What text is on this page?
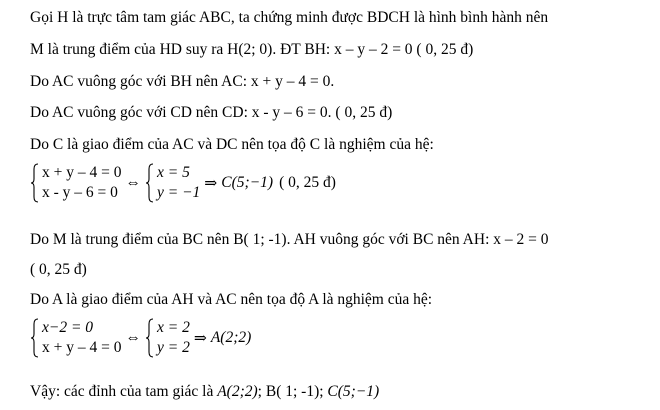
Gọi H là trực tâm tam giác ABC, ta chứng minh được BDCH là hình bình hành nên
M là trung điểm của HD suy ra H(2; 0). ĐT BH: x – y – 2 = 0 ( 0, 25 đ)
Do AC vuông góc với BH nên AC: x + y – 4 = 0.
Do AC vuông góc với CD nên CD: x - y – 6 = 0. ( 0, 25 đ)
Do C là giao điểm của AC và DC nên tọa độ C là nghiệm của hệ:
x + y – 4 = 0
x - y – 6 = 0
⇔
x = 5
y = −1
⇒ C(5;−1) ( 0, 25 đ)
Do M là trung điểm của BC nên B( 1; -1). AH vuông góc với BC nên AH: x – 2 = 0
( 0, 25 đ)
Do A là giao điểm của AH và AC nên tọa độ A là nghiệm của hệ:
x−2 = 0
x + y – 4 = 0
⇔
x = 2
y = 2
⇒ A(2;2)
Vậy: các đỉnh của tam giác là A(2;2); B( 1; -1); C(5;−1)
